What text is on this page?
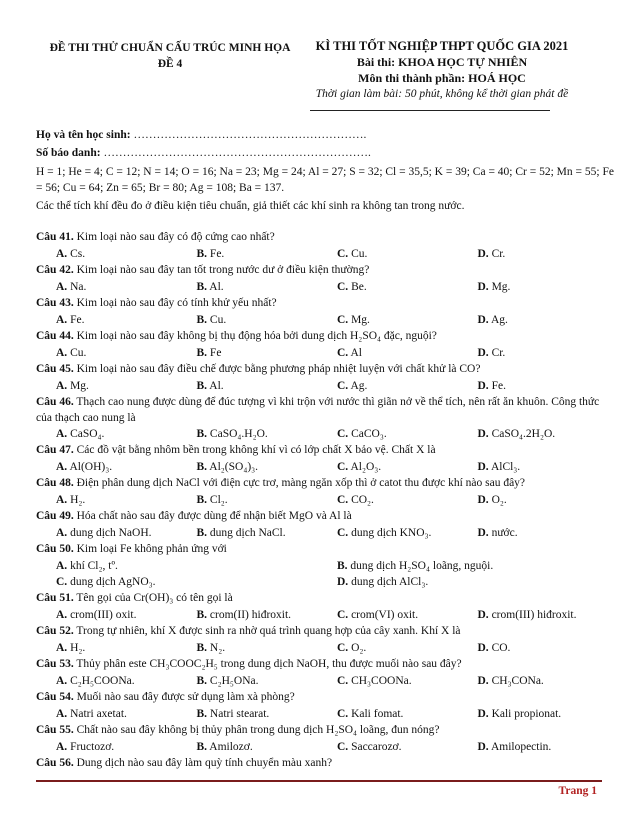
ĐỀ THI THỬ CHUẨN CẤU TRÚC MINH HỌA
ĐỀ 4
KÌ THI TỐT NGHIỆP THPT QUỐC GIA 2021
Bài thi: KHOA HỌC TỰ NHIÊN
Môn thi thành phần: HOÁ HỌC
Thời gian làm bài: 50 phút, không kể thời gian phát đề
Họ và tên học sinh: …………………………………………………….
Số báo danh: …………………………………………………………….
H = 1; He = 4; C = 12; N = 14; O = 16; Na = 23; Mg = 24; Al = 27; S = 32; Cl = 35,5; K = 39; Ca = 40; Cr = 52; Mn = 55; Fe = 56; Cu = 64; Zn = 65; Br = 80; Ag = 108; Ba = 137.
Các thể tích khí đều đo ở điều kiện tiêu chuẩn, giả thiết các khí sinh ra không tan trong nước.
Câu 41. Kim loại nào sau đây có độ cứng cao nhất?
A. Cs.	B. Fe.	C. Cu.	D. Cr.
Câu 42. Kim loại nào sau đây tan tốt trong nước dư ở điều kiện thường?
A. Na.	B. Al.	C. Be.	D. Mg.
Câu 43. Kim loại nào sau đây có tính khử yếu nhất?
A. Fe.	B. Cu.	C. Mg.	D. Ag.
Câu 44. Kim loại nào sau đây không bị thụ động hóa bởi dung dịch H₂SO₄ đặc, nguội?
A. Cu.	B. Fe	C. Al	D. Cr.
Câu 45. Kim loại nào sau đây điều chế được bằng phương pháp nhiệt luyện với chất khử là CO?
A. Mg.	B. Al.	C. Ag.	D. Fe.
Câu 46. Thạch cao nung được dùng để đúc tượng vì khi trộn với nước thì giãn nở về thể tích, nên rất ăn khuôn. Công thức của thạch cao nung là
A. CaSO₄.	B. CaSO₄.H₂O.	C. CaCO₃.	D. CaSO₄.2H₂O.
Câu 47. Các đồ vật bằng nhôm bền trong không khí vì có lớp chất X bảo vệ. Chất X là
A. Al(OH)₃.	B. Al₂(SO₄)₃.	C. Al₂O₃.	D. AlCl₃.
Câu 48. Điện phân dung dịch NaCl với điện cực trơ, màng ngăn xốp thì ở catot thu được khí nào sau đây?
A. H₂.	B. Cl₂.	C. CO₂.	D. O₂.
Câu 49. Hóa chất nào sau đây được dùng để nhận biết MgO và Al là
A. dung dịch NaOH.	B. dung dịch NaCl.	C. dung dịch KNO₃.	D. nước.
Câu 50. Kim loại Fe không phản ứng với
A. khí Cl₂, tº.	B. dung dịch H₂SO₄ loãng, nguội.
C. dung dịch AgNO₃.	D. dung dịch AlCl₃.
Câu 51. Tên gọi của Cr(OH)₃ có tên gọi là
A. crom(III) oxit.	B. crom(II) hiđroxit.	C. crom(VI) oxit.	D. crom(III) hiđroxit.
Câu 52. Trong tự nhiên, khí X được sinh ra nhờ quá trình quang hợp của cây xanh. Khí X là
A. H₂.	B. N₂.	C. O₂.	D. CO.
Câu 53. Thủy phân este CH₃COOC₂H₅ trong dung dịch NaOH, thu được muối nào sau đây?
A. C₂H₅COONa.	B. C₂H₅ONa.	C. CH₃COONa.	D. CH₃CONa.
Câu 54. Muối nào sau đây được sử dụng làm xà phòng?
A. Natri axetat.	B. Natri stearat.	C. Kali fomat.	D. Kali propionat.
Câu 55. Chất nào sau đây không bị thủy phân trong dung dịch H₂SO₄ loãng, đun nóng?
A. Fructozơ.	B. Amilozơ.	C. Saccarozơ.	D. Amilopectin.
Câu 56. Dung dịch nào sau đây làm quỳ tính chuyển màu xanh?
Trang 1
